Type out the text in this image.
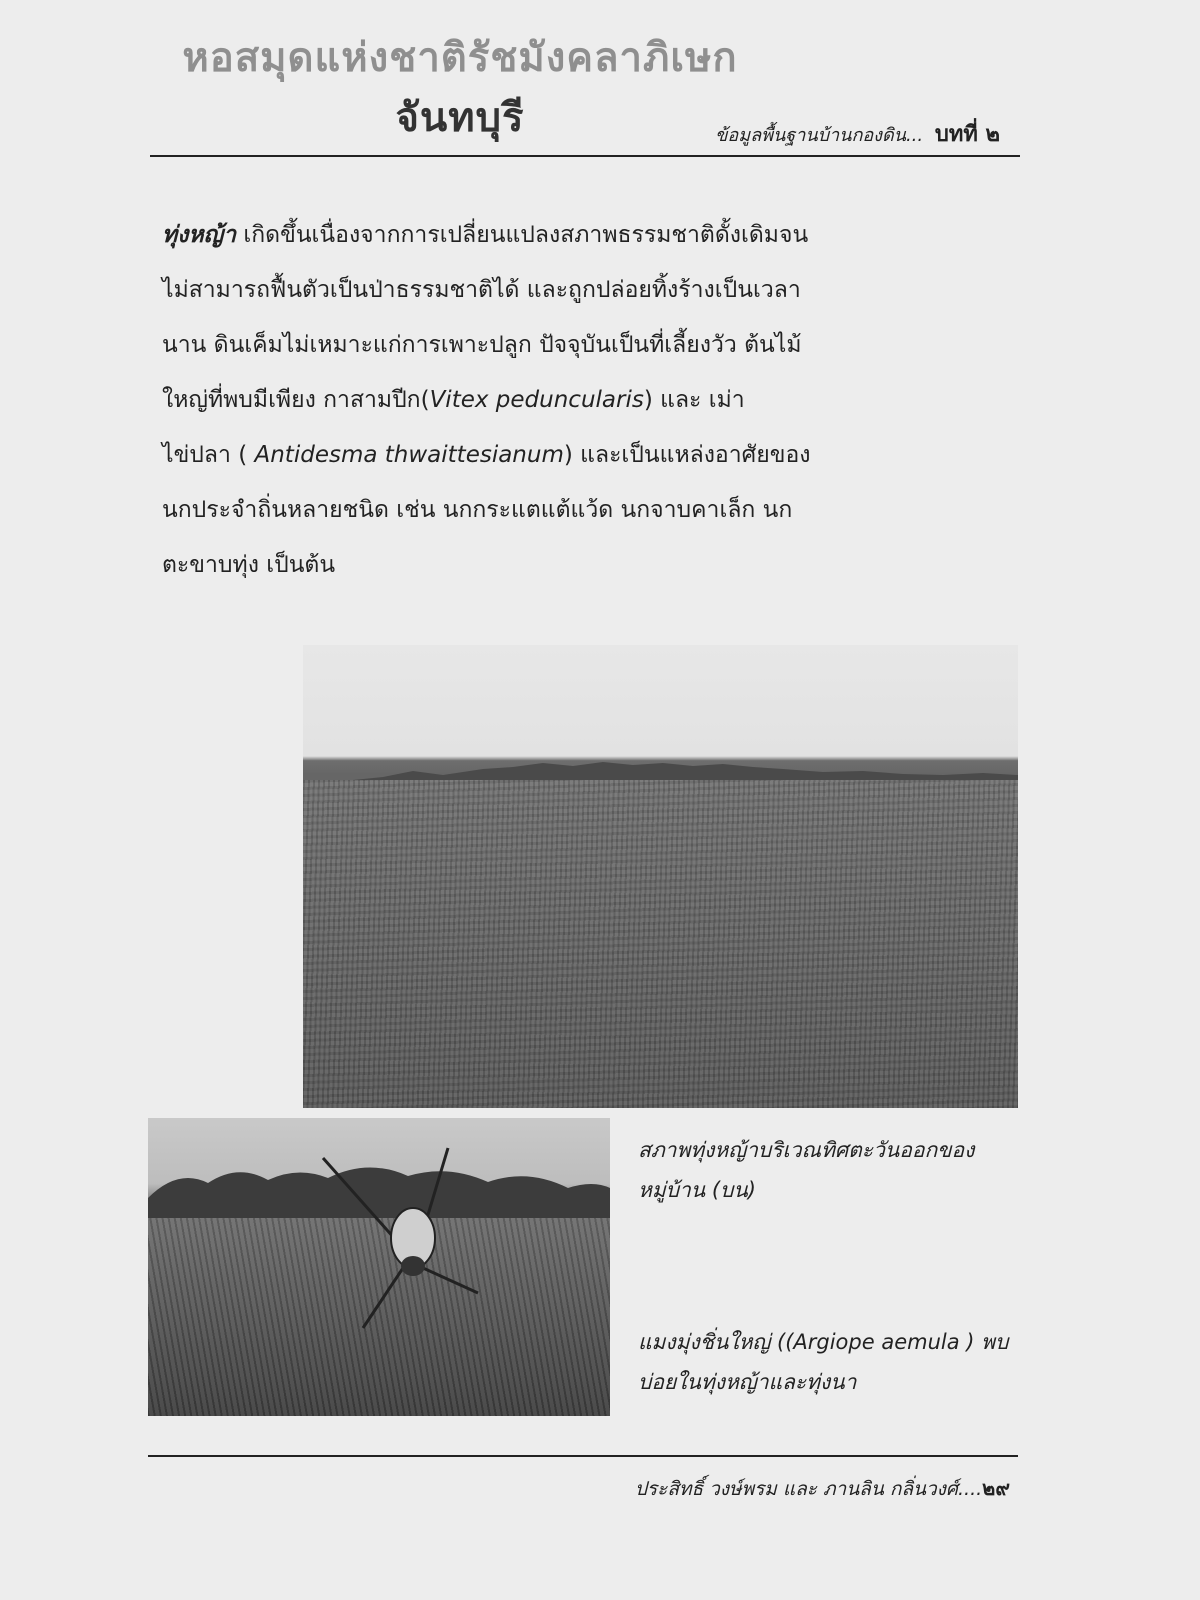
หอสมุดแห่งชาติรัชมังคลาภิเษก
จันทบุรี	ข้อมูลพื้นฐานบ้านกองดิน... บทที่ ๒

ทุ่งหญ้า เกิดขึ้นเนื่องจากการเปลี่ยนแปลงสภาพธรรมชาติดั้งเดิมจนไม่สามารถฟื้นตัวเป็นป่าธรรมชาติได้ และถูกปล่อยทิ้งร้างเป็นเวลานาน ดินเค็มไม่เหมาะแก่การเพาะปลูก ปัจจุบันเป็นที่เลี้ยงวัว ต้นไม้ใหญ่ที่พบมีเพียง กาสามปีก(Vitex peduncularis) และ เม่าไข่ปลา ( Antidesma thwaittesianum) และเป็นแหล่งอาศัยของนกประจำถิ่นหลายชนิด เช่น นกกระแตแต้แว้ด นกจาบคาเล็ก นกตะขาบทุ่ง เป็นต้น

สภาพทุ่งหญ้าบริเวณทิศตะวันออกของหมู่บ้าน (บน)
แมงมุ่งชิ่นใหญ่ ((Argiope aemula ) พบบ่อยในทุ่งหญ้าและทุ่งนา
ประสิทธิ์ วงษ์พรม และ ภานลิน กลิ่นวงศ์....๒๙
